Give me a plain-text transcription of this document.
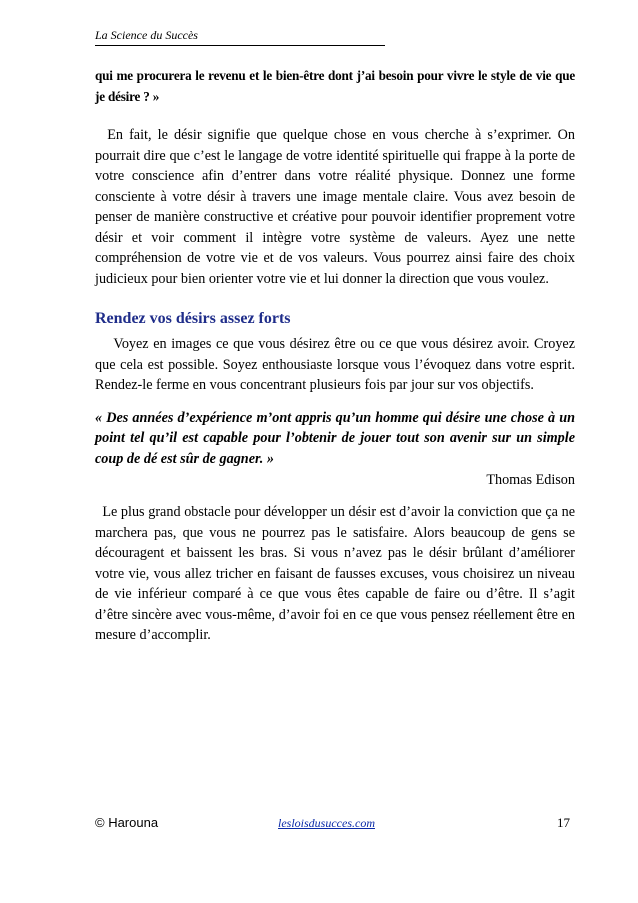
La Science du Succès

qui me procurera le revenu et le bien-être dont j’ai besoin pour vivre le style de vie que je désire ? »

En fait, le désir signifie que quelque chose en vous cherche à s’exprimer. On pourrait dire que c’est le langage de votre identité spirituelle qui frappe à la porte de votre conscience afin d’entrer dans votre réalité physique. Donnez une forme consciente à votre désir à travers une image mentale claire. Vous avez besoin de penser de manière constructive et créative pour pouvoir identifier proprement votre désir et voir comment il intègre votre système de valeurs. Ayez une nette compréhension de votre vie et de vos valeurs. Vous pourrez ainsi faire des choix judicieux pour bien orienter votre vie et lui donner la direction que vous voulez.

Rendez vos désirs assez forts

Voyez en images ce que vous désirez être ou ce que vous désirez avoir. Croyez que cela est possible. Soyez enthousiaste lorsque vous l’évoquez dans votre esprit. Rendez-le ferme en vous concentrant plusieurs fois par jour sur vos objectifs.

« Des années d’expérience m’ont appris qu’un homme qui désire une chose à un point tel qu’il est capable pour l’obtenir de jouer tout son avenir sur un simple coup de dé est sûr de gagner. »

Thomas Edison

Le plus grand obstacle pour développer un désir est d’avoir la conviction que ça ne marchera pas, que vous ne pourrez pas le satisfaire. Alors beaucoup de gens se découragent et baissent les bras. Si vous n’avez pas le désir brûlant d’améliorer votre vie, vous allez tricher en faisant de fausses excuses, vous choisirez un niveau de vie inférieur comparé à ce que vous êtes capable de faire ou d’être. Il s’agit d’être sincère avec vous-même, d’avoir foi en ce que vous pensez réellement être en mesure d’accomplir.

© Harouna	lesloisdusucces.com	17
